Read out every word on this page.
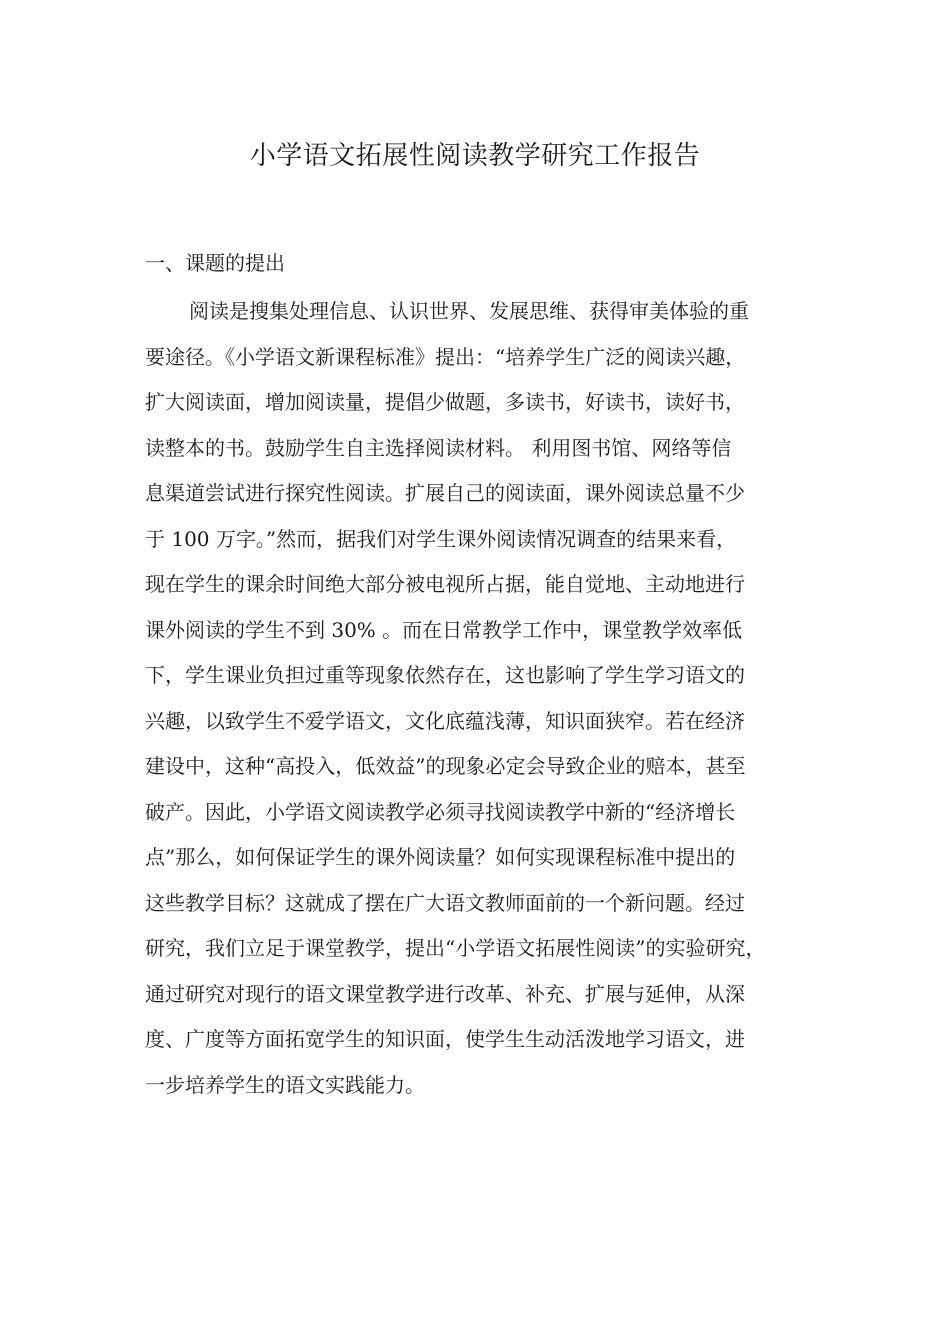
小学语文拓展性阅读教学研究工作报告
一、课题的提出
阅读是搜集处理信息、认识世界、发展思维、获得审美体验的重
要途径。《小学语文新课程标准》提出：“培养学生广泛的阅读兴趣，
扩大阅读面，增加阅读量，提倡少做题，多读书，好读书，读好书，
读整本的书。鼓励学生自主选择阅读材料。 利用图书馆、网络等信
息渠道尝试进行探究性阅读。扩展自己的阅读面，课外阅读总量不少
于 100 万字。”然而，据我们对学生课外阅读情况调查的结果来看，
现在学生的课余时间绝大部分被电视所占据，能自觉地、主动地进行
课外阅读的学生不到 30% 。而在日常教学工作中，课堂教学效率低
下，学生课业负担过重等现象依然存在，这也影响了学生学习语文的
兴趣，以致学生不爱学语文，文化底蕴浅薄，知识面狭窄。若在经济
建设中，这种“高投入，低效益”的现象必定会导致企业的赔本，甚至
破产。因此，小学语文阅读教学必须寻找阅读教学中新的“经济增长
点”那么，如何保证学生的课外阅读量？如何实现课程标准中提出的
这些教学目标？这就成了摆在广大语文教师面前的一个新问题。经过
研究，我们立足于课堂教学，提出“小学语文拓展性阅读”的实验研究，
通过研究对现行的语文课堂教学进行改革、补充、扩展与延伸，从深
度、广度等方面拓宽学生的知识面，使学生生动活泼地学习语文，进
一步培养学生的语文实践能力。
